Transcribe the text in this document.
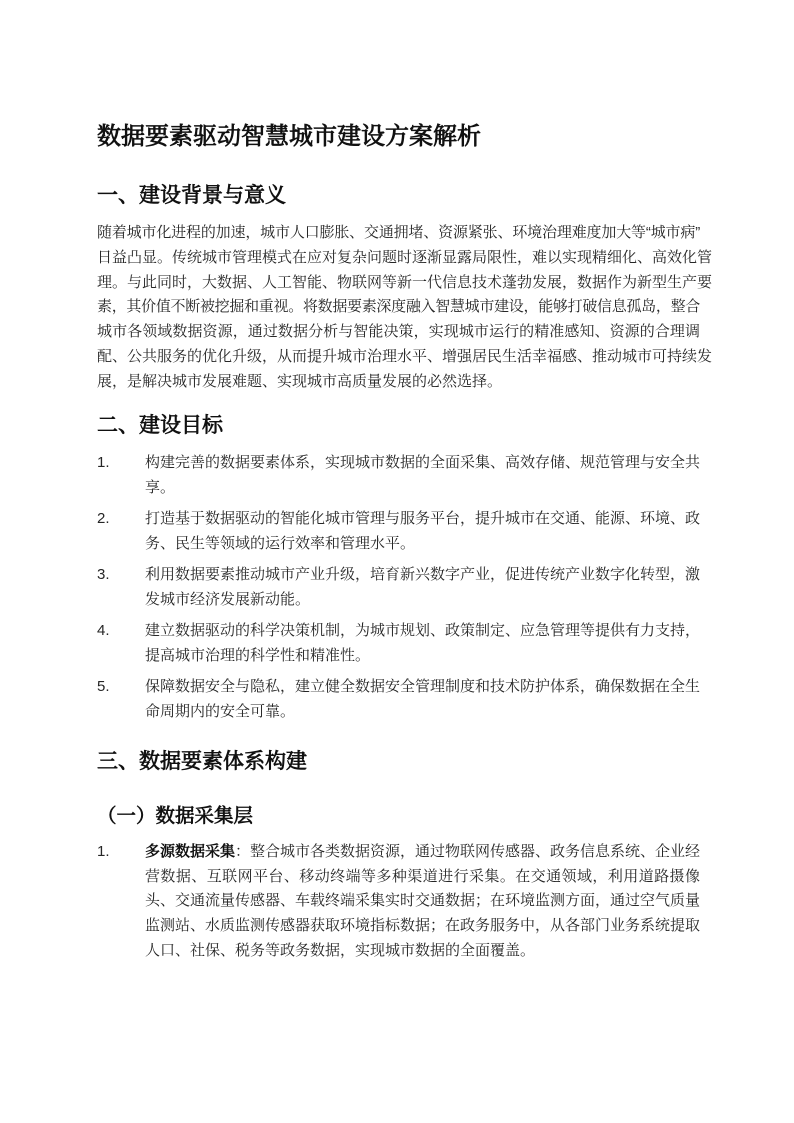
数据要素驱动智慧城市建设方案解析
一、建设背景与意义
随着城市化进程的加速，城市人口膨胀、交通拥堵、资源紧张、环境治理难度加大等“城市病”
日益凸显。传统城市管理模式在应对复杂问题时逐渐显露局限性，难以实现精细化、高效化管
理。与此同时，大数据、人工智能、物联网等新一代信息技术蓬勃发展，数据作为新型生产要
素，其价值不断被挖掘和重视。将数据要素深度融入智慧城市建设，能够打破信息孤岛，整合
城市各领域数据资源，通过数据分析与智能决策，实现城市运行的精准感知、资源的合理调
配、公共服务的优化升级，从而提升城市治理水平、增强居民生活幸福感、推动城市可持续发
展，是解决城市发展难题、实现城市高质量发展的必然选择。
二、建设目标
1.	构建完善的数据要素体系，实现城市数据的全面采集、高效存储、规范管理与安全共
享。
2.	打造基于数据驱动的智能化城市管理与服务平台，提升城市在交通、能源、环境、政
务、民生等领域的运行效率和管理水平。
3.	利用数据要素推动城市产业升级，培育新兴数字产业，促进传统产业数字化转型，激
发城市经济发展新动能。
4.	建立数据驱动的科学决策机制，为城市规划、政策制定、应急管理等提供有力支持，
提高城市治理的科学性和精准性。
5.	保障数据安全与隐私，建立健全数据安全管理制度和技术防护体系，确保数据在全生
命周期内的安全可靠。
三、数据要素体系构建
（一）数据采集层
1.	多源数据采集：整合城市各类数据资源，通过物联网传感器、政务信息系统、企业经
营数据、互联网平台、移动终端等多种渠道进行采集。在交通领域，利用道路摄像
头、交通流量传感器、车载终端采集实时交通数据；在环境监测方面，通过空气质量
监测站、水质监测传感器获取环境指标数据；在政务服务中，从各部门业务系统提取
人口、社保、税务等政务数据，实现城市数据的全面覆盖。
